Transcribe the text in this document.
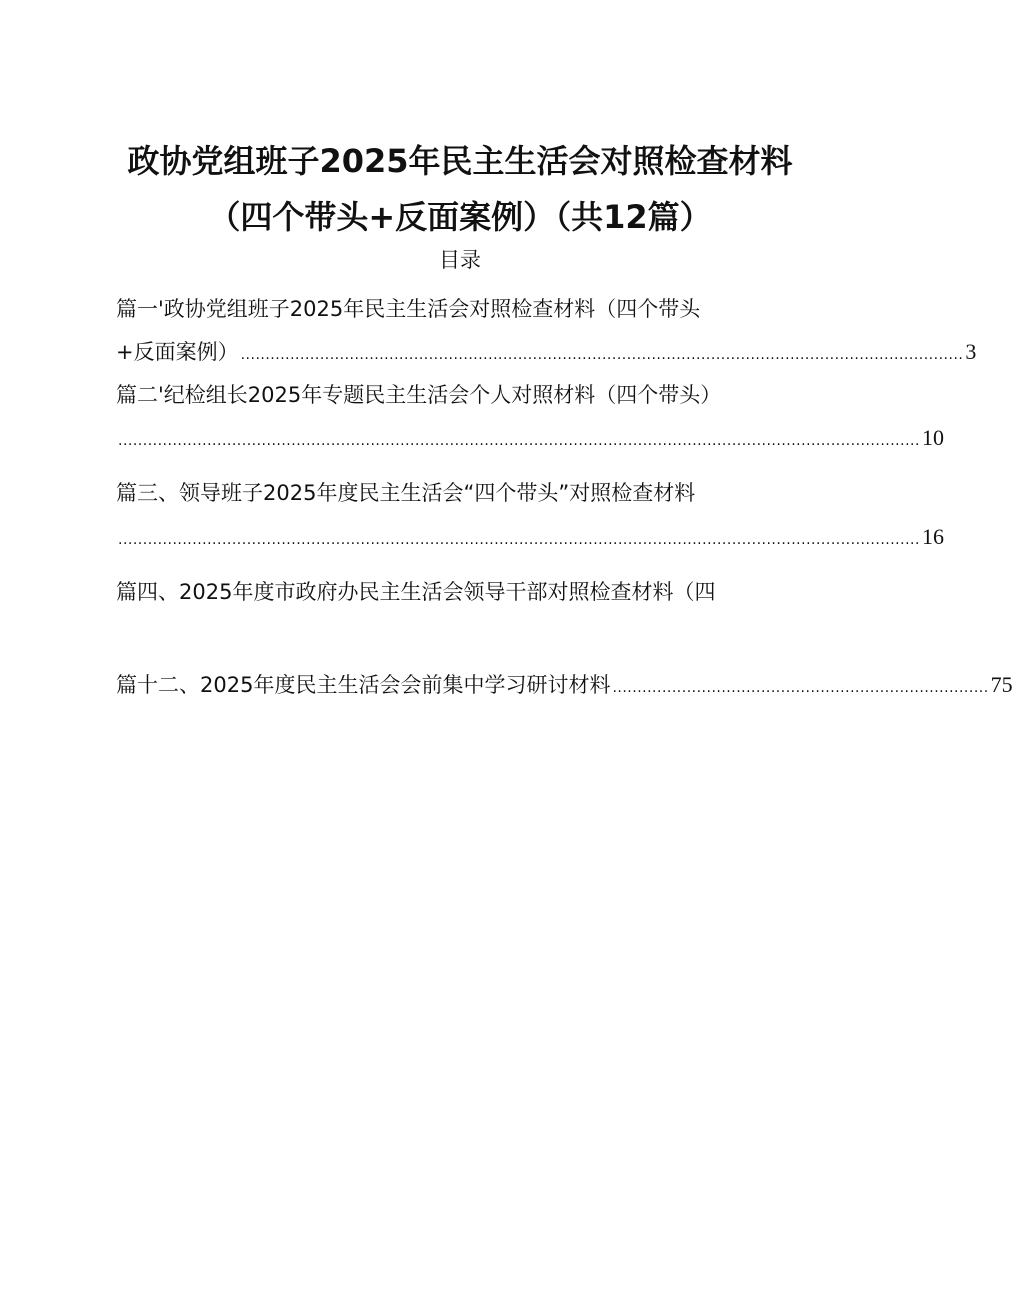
政协党组班子2025年民主生活会对照检查材料
（四个带头+反面案例）（共12篇）
目录
篇一'政协党组班子2025年民主生活会对照检查材料（四个带头
+反面案例） .................................................................................................................................................. 3
篇二'纪检组长2025年专题民主生活会个人对照材料（四个带头）
.................................................................................................................................................................. 10
篇三、领导班子2025年度民主生活会“四个带头”对照检查材料
.................................................................................................................................................................. 16
篇四、2025年度市政府办民主生活会领导干部对照检查材料（四
篇十二、2025年度民主生活会会前集中学习研讨材料 ............................................................................ 75
